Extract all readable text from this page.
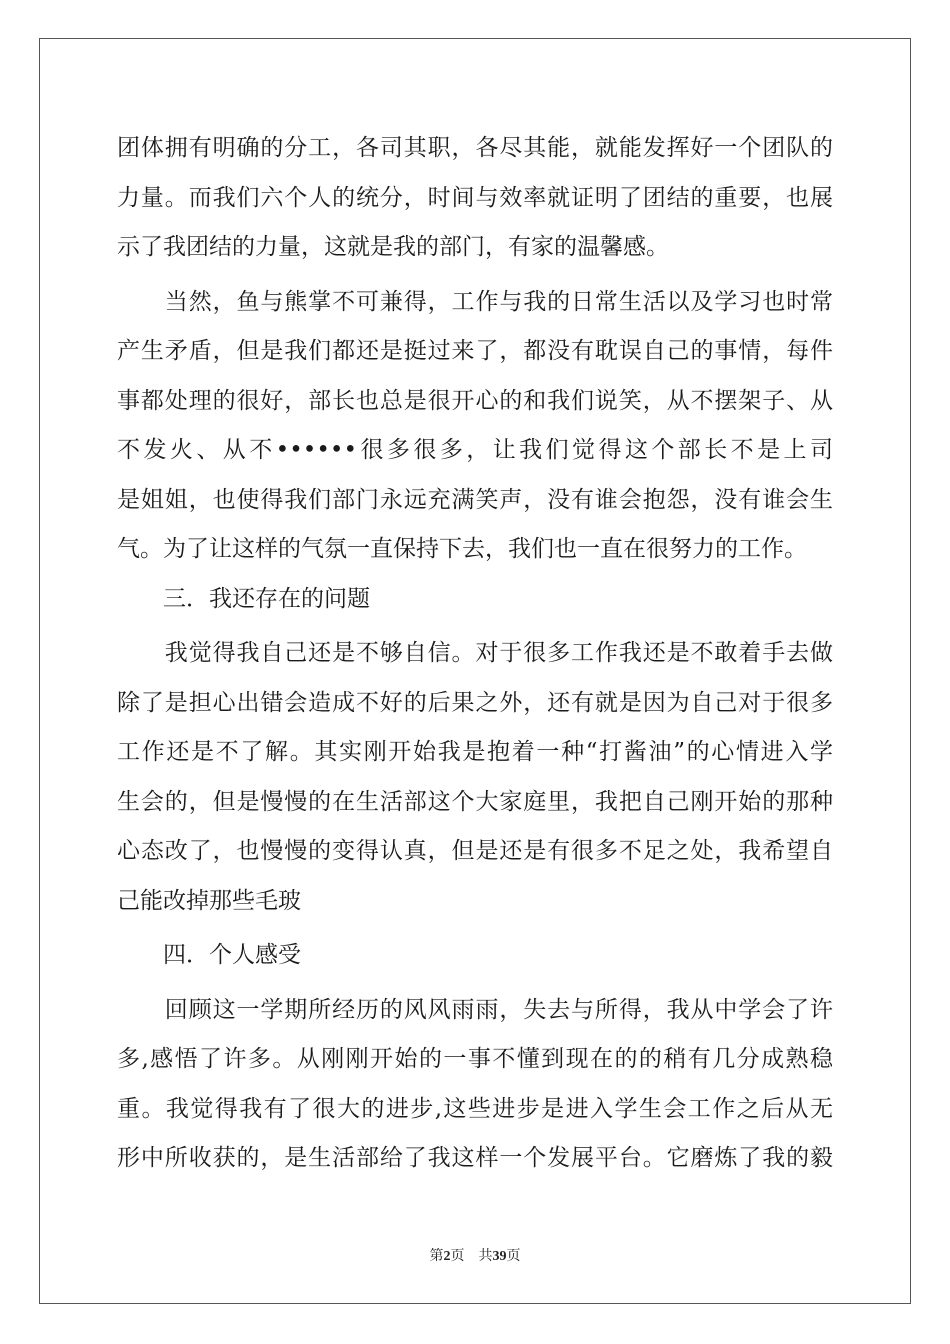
团体拥有明确的分工，各司其职，各尽其能，就能发挥好一个团队的
力量。而我们六个人的统分，时间与效率就证明了团结的重要，也展
示了我团结的力量，这就是我的部门，有家的温馨感。
　　当然，鱼与熊掌不可兼得，工作与我的日常生活以及学习也时常
产生矛盾，但是我们都还是挺过来了，都没有耽误自己的事情，每件
事都处理的很好，部长也总是很开心的和我们说笑，从不摆架子、从
不发火、从不••••••很多很多，让我们觉得这个部长不是上司
是姐姐，也使得我们部门永远充满笑声，没有谁会抱怨，没有谁会生
气。为了让这样的气氛一直保持下去，我们也一直在很努力的工作。
　　三．我还存在的问题
　　我觉得我自己还是不够自信。对于很多工作我还是不敢着手去做
除了是担心出错会造成不好的后果之外，还有就是因为自己对于很多
工作还是不了解。其实刚开始我是抱着一种“打酱油”的心情进入学
生会的，但是慢慢的在生活部这个大家庭里，我把自己刚开始的那种
心态改了，也慢慢的变得认真，但是还是有很多不足之处，我希望自
己能改掉那些毛玻
　　四．个人感受
　　回顾这一学期所经历的风风雨雨，失去与所得，我从中学会了许
多,感悟了许多。从刚刚开始的一事不懂到现在的的稍有几分成熟稳
重。我觉得我有了很大的进步,这些进步是进入学生会工作之后从无
形中所收获的，是生活部给了我这样一个发展平台。它磨炼了我的毅
第2页 共39页
